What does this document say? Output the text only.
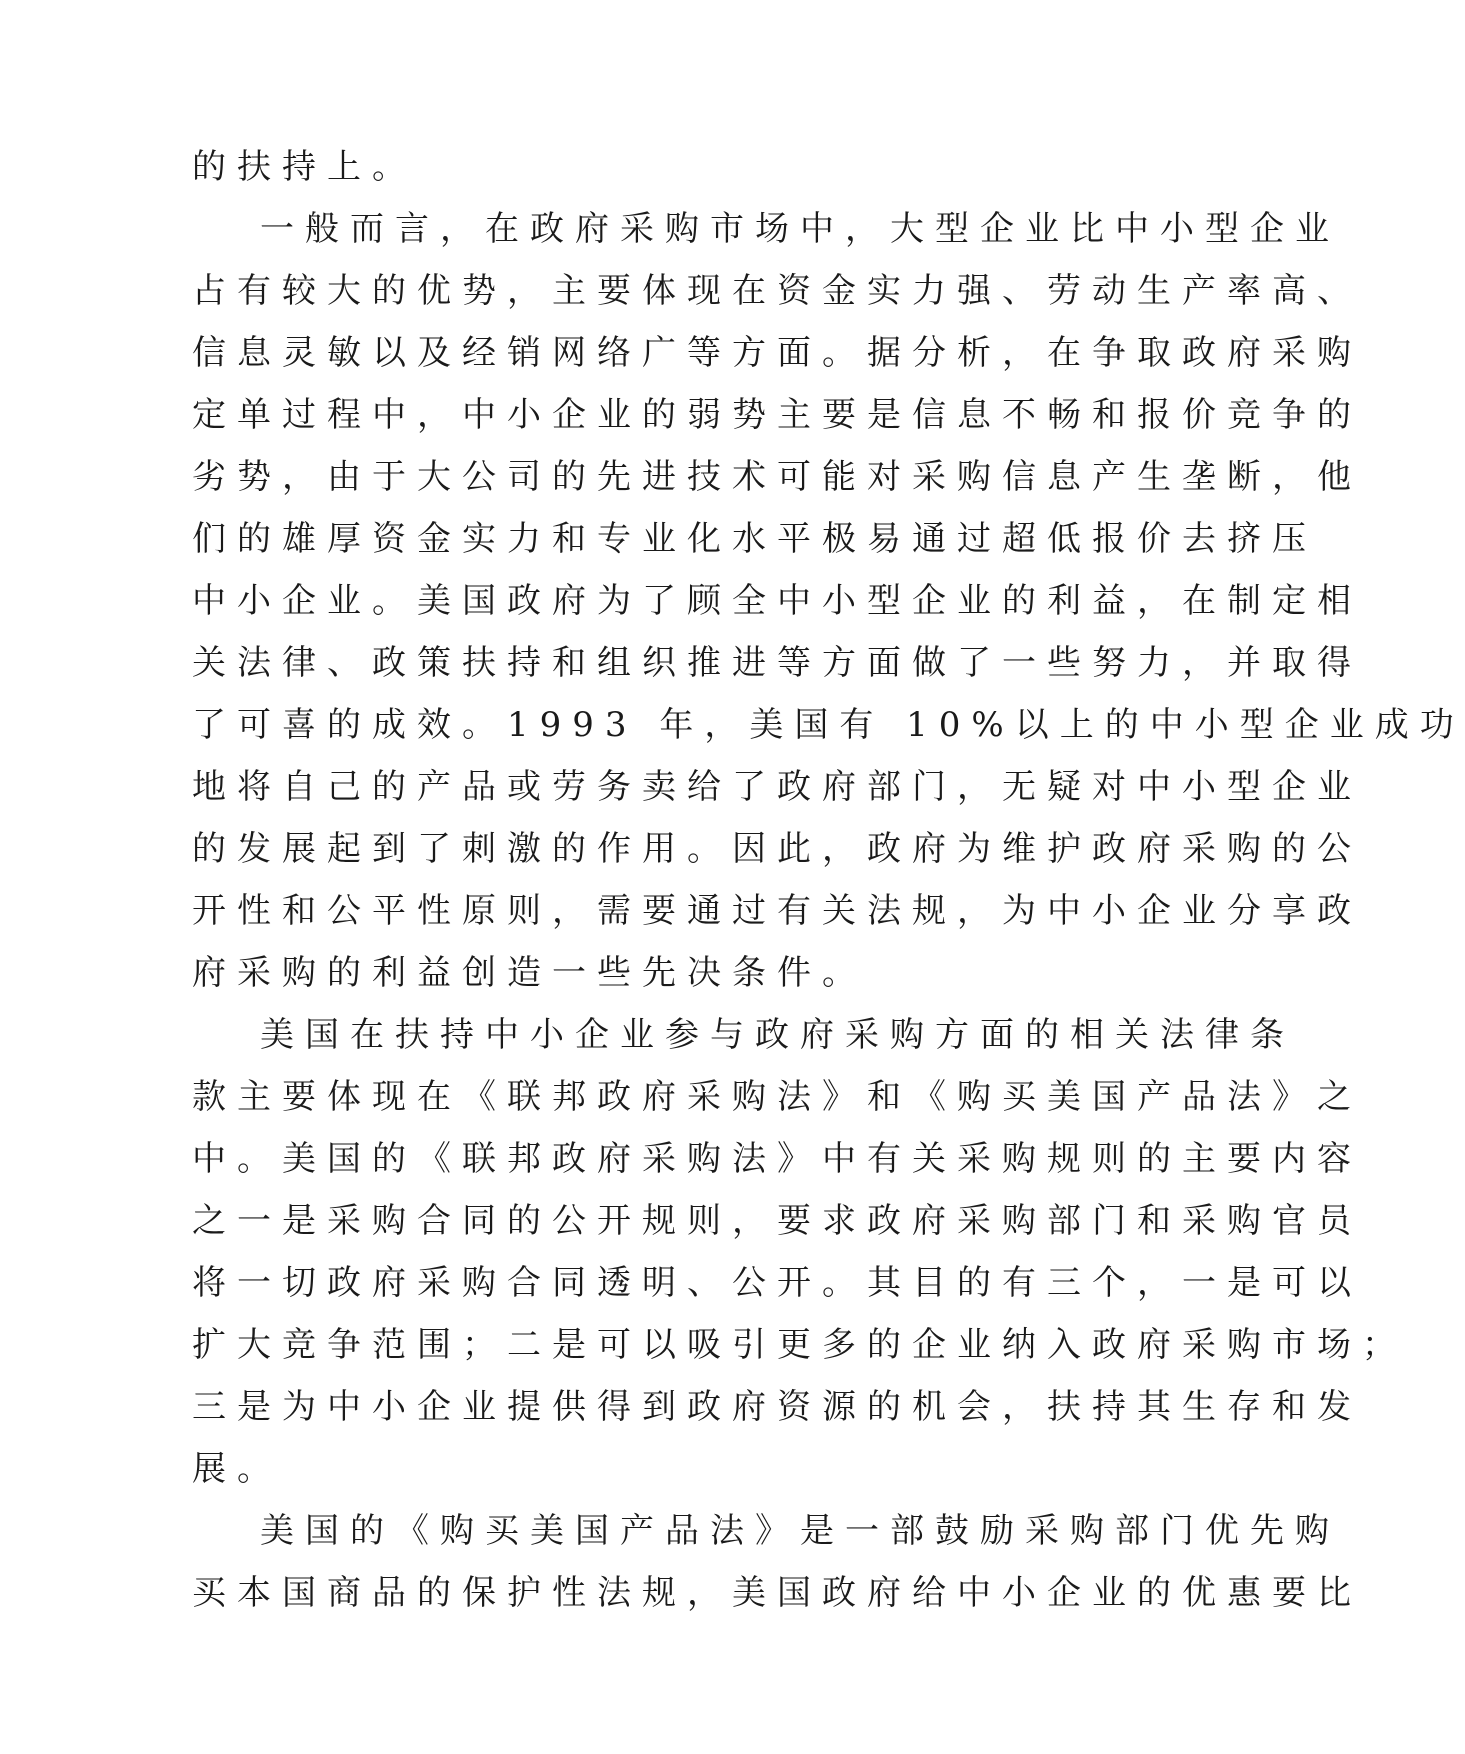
的扶持上。
一般而言，在政府采购市场中，大型企业比中小型企业
占有较大的优势，主要体现在资金实力强、劳动生产率高、
信息灵敏以及经销网络广等方面。据分析，在争取政府采购
定单过程中，中小企业的弱势主要是信息不畅和报价竞争的
劣势，由于大公司的先进技术可能对采购信息产生垄断，他
们的雄厚资金实力和专业化水平极易通过超低报价去挤压
中小企业。美国政府为了顾全中小型企业的利益，在制定相
关法律、政策扶持和组织推进等方面做了一些努力，并取得
了可喜的成效。1993 年，美国有 10%以上的中小型企业成功
地将自己的产品或劳务卖给了政府部门，无疑对中小型企业
的发展起到了刺激的作用。因此，政府为维护政府采购的公
开性和公平性原则，需要通过有关法规，为中小企业分享政
府采购的利益创造一些先决条件。
美国在扶持中小企业参与政府采购方面的相关法律条
款主要体现在《联邦政府采购法》和《购买美国产品法》之
中。美国的《联邦政府采购法》中有关采购规则的主要内容
之一是采购合同的公开规则，要求政府采购部门和采购官员
将一切政府采购合同透明、公开。其目的有三个，一是可以
扩大竞争范围；二是可以吸引更多的企业纳入政府采购市场；
三是为中小企业提供得到政府资源的机会，扶持其生存和发
展。
美国的《购买美国产品法》是一部鼓励采购部门优先购
买本国商品的保护性法规，美国政府给中小企业的优惠要比
